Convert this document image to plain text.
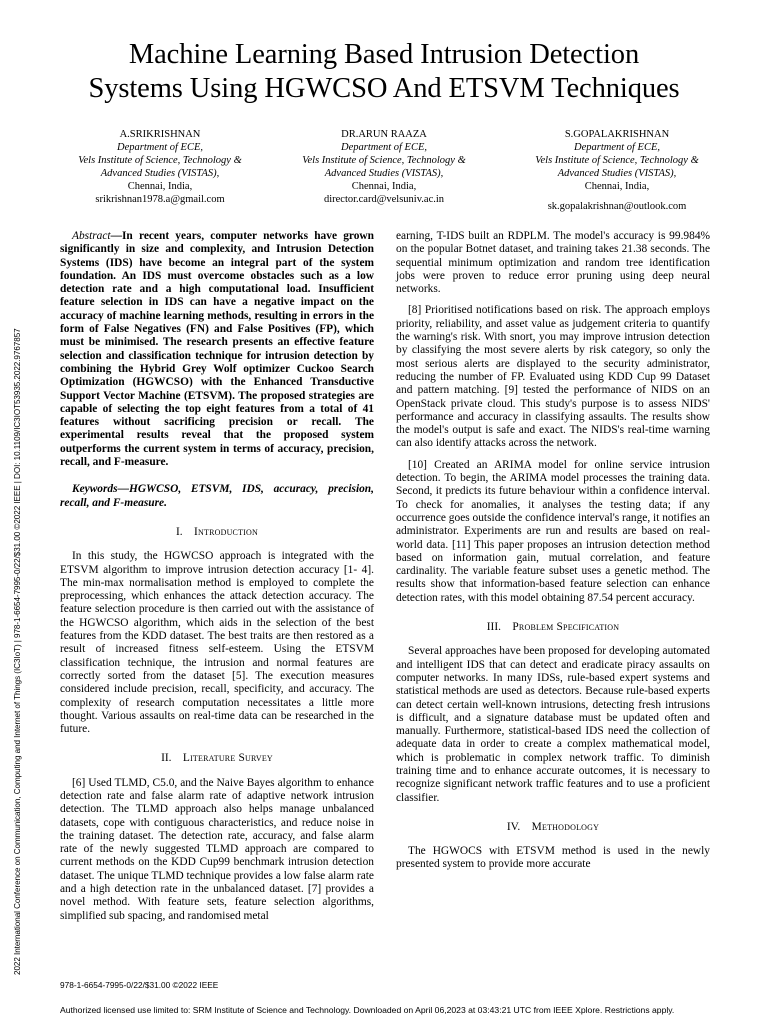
Machine Learning Based Intrusion Detection
Systems Using HGWCSO And ETSVM Techniques
A.SRIKRISHNAN
Department of ECE,
Vels Institute of Science, Technology &
Advanced Studies (VISTAS),
Chennai, India,
srikrishnan1978.a@gmail.com
DR.ARUN RAAZA
Department of ECE,
Vels Institute of Science, Technology &
Advanced Studies (VISTAS),
Chennai, India,
director.card@velsuniv.ac.in
S.GOPALAKRISHNAN
Department of ECE,
Vels Institute of Science, Technology &
Advanced Studies (VISTAS),
Chennai, India,
sk.gopalakrishnan@outlook.com
2022 International Conference on Communication, Computing and Internet of Things (IC3IoT) | 978-1-6654-7995-0/22/$31.00 ©2022 IEEE | DOI: 10.1109/IC3IOT53935.2022.9767857

Abstract—In recent years, computer networks have grown significantly in size and complexity, and Intrusion Detection Systems (IDS) have become an integral part of the system foundation. An IDS must overcome obstacles such as a low detection rate and a high computational load. Insufficient feature selection in IDS can have a negative impact on the accuracy of machine learning methods, resulting in errors in the form of False Negatives (FN) and False Positives (FP), which must be minimised. The research presents an effective feature selection and classification technique for intrusion detection by combining the Hybrid Grey Wolf optimizer Cuckoo Search Optimization (HGWCSO) with the Enhanced Transductive Support Vector Machine (ETSVM). The proposed strategies are capable of selecting the top eight features from a total of 41 features without sacrificing precision or recall. The experimental results reveal that the proposed system outperforms the current system in terms of accuracy, precision, recall, and F-measure.

Keywords—HGWCSO, ETSVM, IDS, accuracy, precision, recall, and F-measure.

I. Introduction

In this study, the HGWCSO approach is integrated with the ETSVM algorithm to improve intrusion detection accuracy [1- 4]. The min-max normalisation method is employed to complete the preprocessing, which enhances the attack detection accuracy. The feature selection procedure is then carried out with the assistance of the HGWCSO algorithm, which aids in the selection of the best features from the KDD dataset. The best traits are then restored as a result of increased fitness self-esteem. Using the ETSVM classification technique, the intrusion and normal features are correctly sorted from the dataset [5]. The execution measures considered include precision, recall, specificity, and accuracy. The complexity of research computation necessitates a little more thought. Various assaults on real-time data can be researched in the future.

II. Literature Survey

[6] Used TLMD, C5.0, and the Naive Bayes algorithm to enhance detection rate and false alarm rate of adaptive network intrusion detection. The TLMD approach also helps manage unbalanced datasets, cope with contiguous characteristics, and reduce noise in the training dataset. The detection rate, accuracy, and false alarm rate of the newly suggested TLMD approach are compared to current methods on the KDD Cup99 benchmark intrusion detection dataset. The unique TLMD technique provides a low false alarm rate and a high detection rate in the unbalanced dataset. [7] provides a novel method. With feature sets, feature selection algorithms, simplified sub spacing, and randomised metal

earning, T-IDS built an RDPLM. The model's accuracy is 99.984% on the popular Botnet dataset, and training takes 21.38 seconds. The sequential minimum optimization and random tree identification jobs were proven to reduce error pruning using deep neural networks.

[8] Prioritised notifications based on risk. The approach employs priority, reliability, and asset value as judgement criteria to quantify the warning's risk. With snort, you may improve intrusion detection by classifying the most severe alerts by risk category, so only the most serious alerts are displayed to the security administrator, reducing the number of FP. Evaluated using KDD Cup 99 Dataset and pattern matching. [9] tested the performance of NIDS on an OpenStack private cloud. This study's purpose is to assess NIDS' performance and accuracy in classifying assaults. The results show the model's output is safe and exact. The NIDS's real-time warning can also identify attacks across the network.

[10] Created an ARIMA model for online service intrusion detection. To begin, the ARIMA model processes the training data. Second, it predicts its future behaviour within a confidence interval. To check for anomalies, it analyses the testing data; if any occurrence goes outside the confidence interval's range, it notifies an administrator. Experiments are run and results are based on real-world data. [11] This paper proposes an intrusion detection method based on information gain, mutual correlation, and feature cardinality. The variable feature subset uses a genetic method. The results show that information-based feature selection can enhance detection rates, with this model obtaining 87.54 percent accuracy.

III. Problem Specification

Several approaches have been proposed for developing automated and intelligent IDS that can detect and eradicate piracy assaults on computer networks. In many IDSs, rule-based expert systems and statistical methods are used as detectors. Because rule-based experts can detect certain well-known intrusions, detecting fresh intrusions is difficult, and a signature database must be updated often and manually. Furthermore, statistical-based IDS need the collection of adequate data in order to create a complex mathematical model, which is problematic in complex network traffic. To diminish training time and to enhance accurate outcomes, it is necessary to recognize significant network traffic features and to use a proficient classifier.

IV. Methodology

The HGWOCS with ETSVM method is used in the newly presented system to provide more accurate

978-1-6654-7995-0/22/$31.00 ©2022 IEEE
Authorized licensed use limited to: SRM Institute of Science and Technology. Downloaded on April 06,2023 at 03:43:21 UTC from IEEE Xplore. Restrictions apply.
